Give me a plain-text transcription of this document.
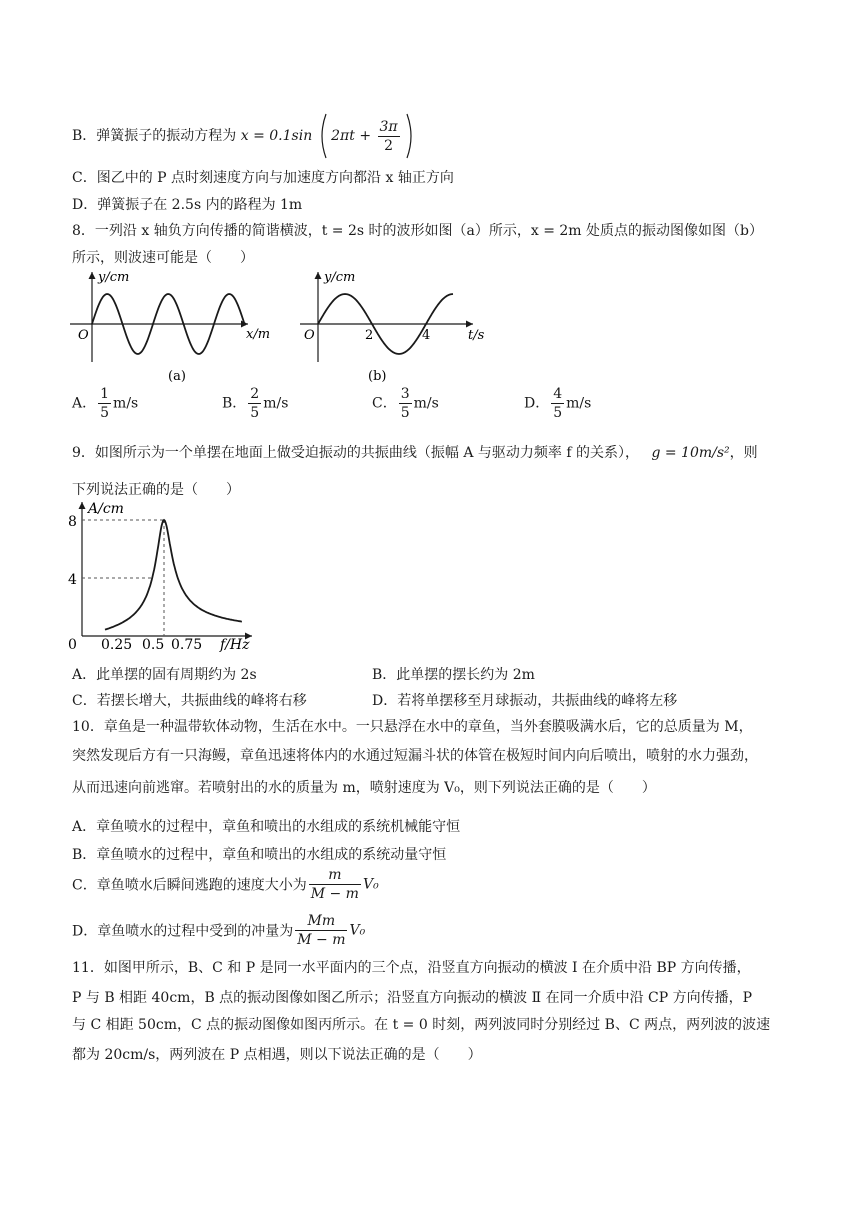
B．弹簧振子的振动方程为 x = 0.1sin $2\pi t + \frac{3\pi}{2}$

C．图乙中的 P 点时刻速度方向与加速度方向都沿 x 轴正方向
D．弹簧振子在 2.5s 内的路程为 1m
8．一列沿 x 轴负方向传播的简谐横波，t = 2s 时的波形如图（a）所示，x = 2m 处质点的振动图像如图（b）
所示，则波速可能是（　　）
y/cm
x/m
O
(a)
y/cm
t/s
O	2	4
(b)
A． $\frac{1}{5} m/s$	B． $\frac{2}{5} m/s$	C． $\frac{3}{5} m/s$	D． $\frac{4}{5} m/s$
9．如图所示为一个单摆在地面上做受迫振动的共振曲线（振幅 A 与驱动力频率 f 的关系）， g = 10m/s²，则
下列说法正确的是（　　）
A/cm
f/Hz
8
4
0 0.25 0.5 0.75
A．此单摆的固有周期约为 2s	B．此单摆的摆长约为 2m
C．若摆长增大，共振曲线的峰将右移	D．若将单摆移至月球振动，共振曲线的峰将左移
10．章鱼是一种温带软体动物，生活在水中。一只悬浮在水中的章鱼，当外套膜吸满水后，它的总质量为 M，
突然发现后方有一只海鳗，章鱼迅速将体内的水通过短漏斗状的体管在极短时间内向后喷出，喷射的水力强劲，
从而迅速向前逃窜。若喷射出的水的质量为 m，喷射速度为 V₀，则下列说法正确的是（　　）
A．章鱼喷水的过程中，章鱼和喷出的水组成的系统机械能守恒
B．章鱼喷水的过程中，章鱼和喷出的水组成的系统动量守恒
C．章鱼喷水后瞬间逃跑的速度大小为 $\frac{m}{M - m} V_0$
D．章鱼喷水的过程中受到的冲量为 $\frac{Mm}{M - m} V_0$
11．如图甲所示，B、C 和 P 是同一水平面内的三个点，沿竖直方向振动的横波 Ⅰ 在介质中沿 BP 方向传播，
P 与 B 相距 40cm，B 点的振动图像如图乙所示；沿竖直方向振动的横波 Ⅱ 在同一介质中沿 CP 方向传播，P
与 C 相距 50cm，C 点的振动图像如图丙所示。在 t = 0 时刻，两列波同时分别经过 B、C 两点，两列波的波速
都为 20cm/s，两列波在 P 点相遇，则以下说法正确的是（　　）
